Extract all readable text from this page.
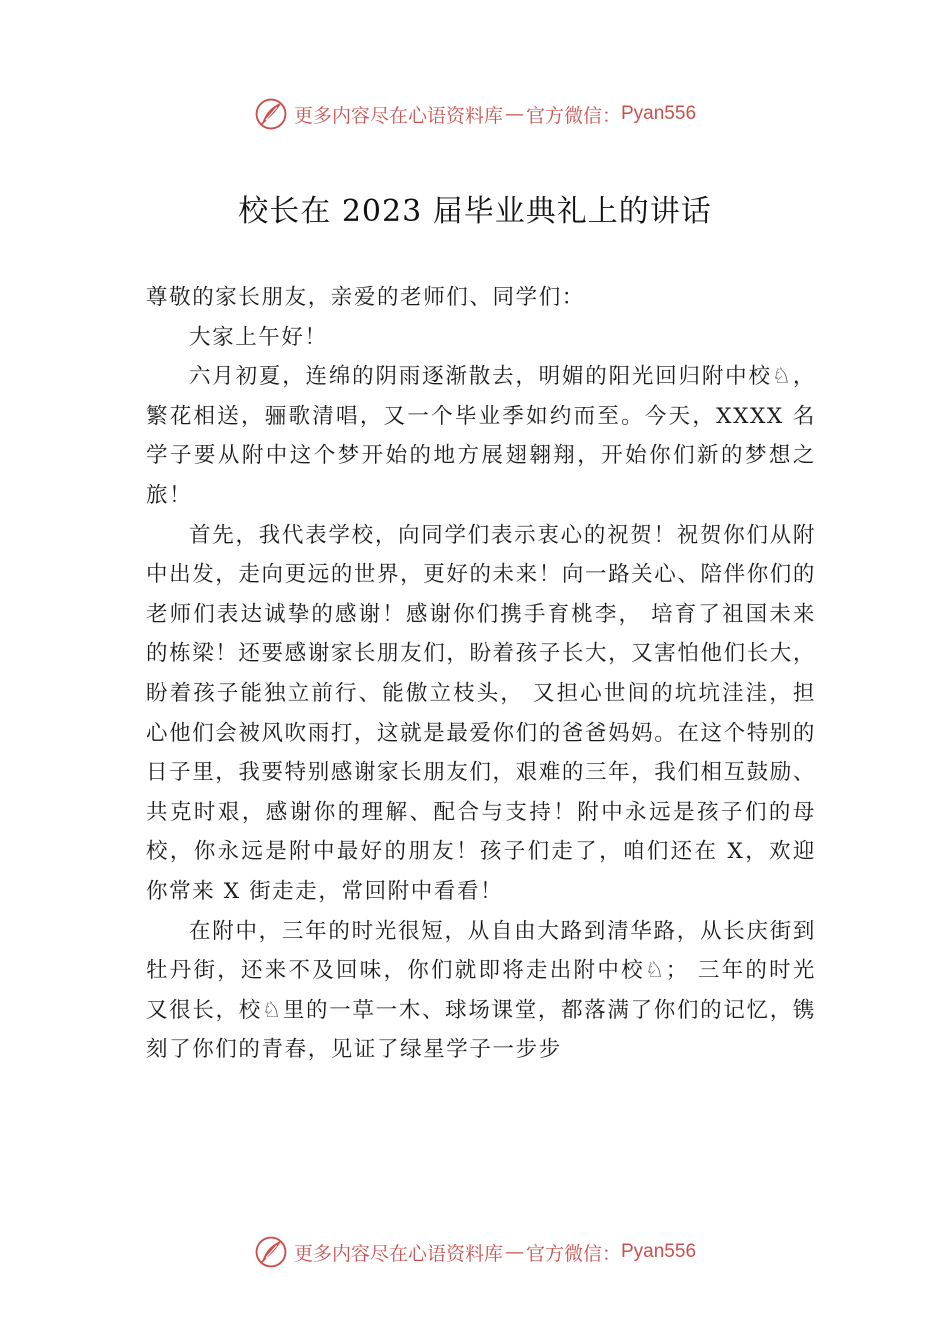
更多内容尽在心语资料库 — 官方微信： Pyan556
校长在 2023 届毕业典礼上的讲话

尊敬的家长朋友，亲爱的老师们、同学们：

大家上午好！

六月初夏，连绵的阴雨逐渐散去，明媚的阳光回归附中校♘，繁花相送，骊歌清唱，又一个毕业季如约而至。今天，XXXX 名学子要从附中这个梦开始的地方展翅翱翔，开始你们新的梦想之旅！

首先，我代表学校，向同学们表示衷心的祝贺！祝贺你们从附中出发，走向更远的世界，更好的未来！向一路关心、陪伴你们的老师们表达诚挚的感谢！感谢你们携手育桃李， 培育了祖国未来的栋梁！还要感谢家长朋友们，盼着孩子长大，又害怕他们长大，盼着孩子能独立前行、能傲立枝头， 又担心世间的坑坑洼洼，担心他们会被风吹雨打，这就是最爱你们的爸爸妈妈。在这个特别的日子里，我要特别感谢家长朋友们，艰难的三年，我们相互鼓励、共克时艰，感谢你的理解、配合与支持！附中永远是孩子们的母校，你永远是附中最好的朋友！孩子们走了，咱们还在 X，欢迎你常来 X 街走走，常回附中看看！

在附中，三年的时光很短，从自由大路到清华路，从长庆街到牡丹街，还来不及回味，你们就即将走出附中校♘； 三年的时光又很长，校♘里的一草一木、球场课堂，都落满了你们的记忆，镌刻了你们的青春，见证了绿星学子一步步

更多内容尽在心语资料库 — 官方微信： Pyan556
